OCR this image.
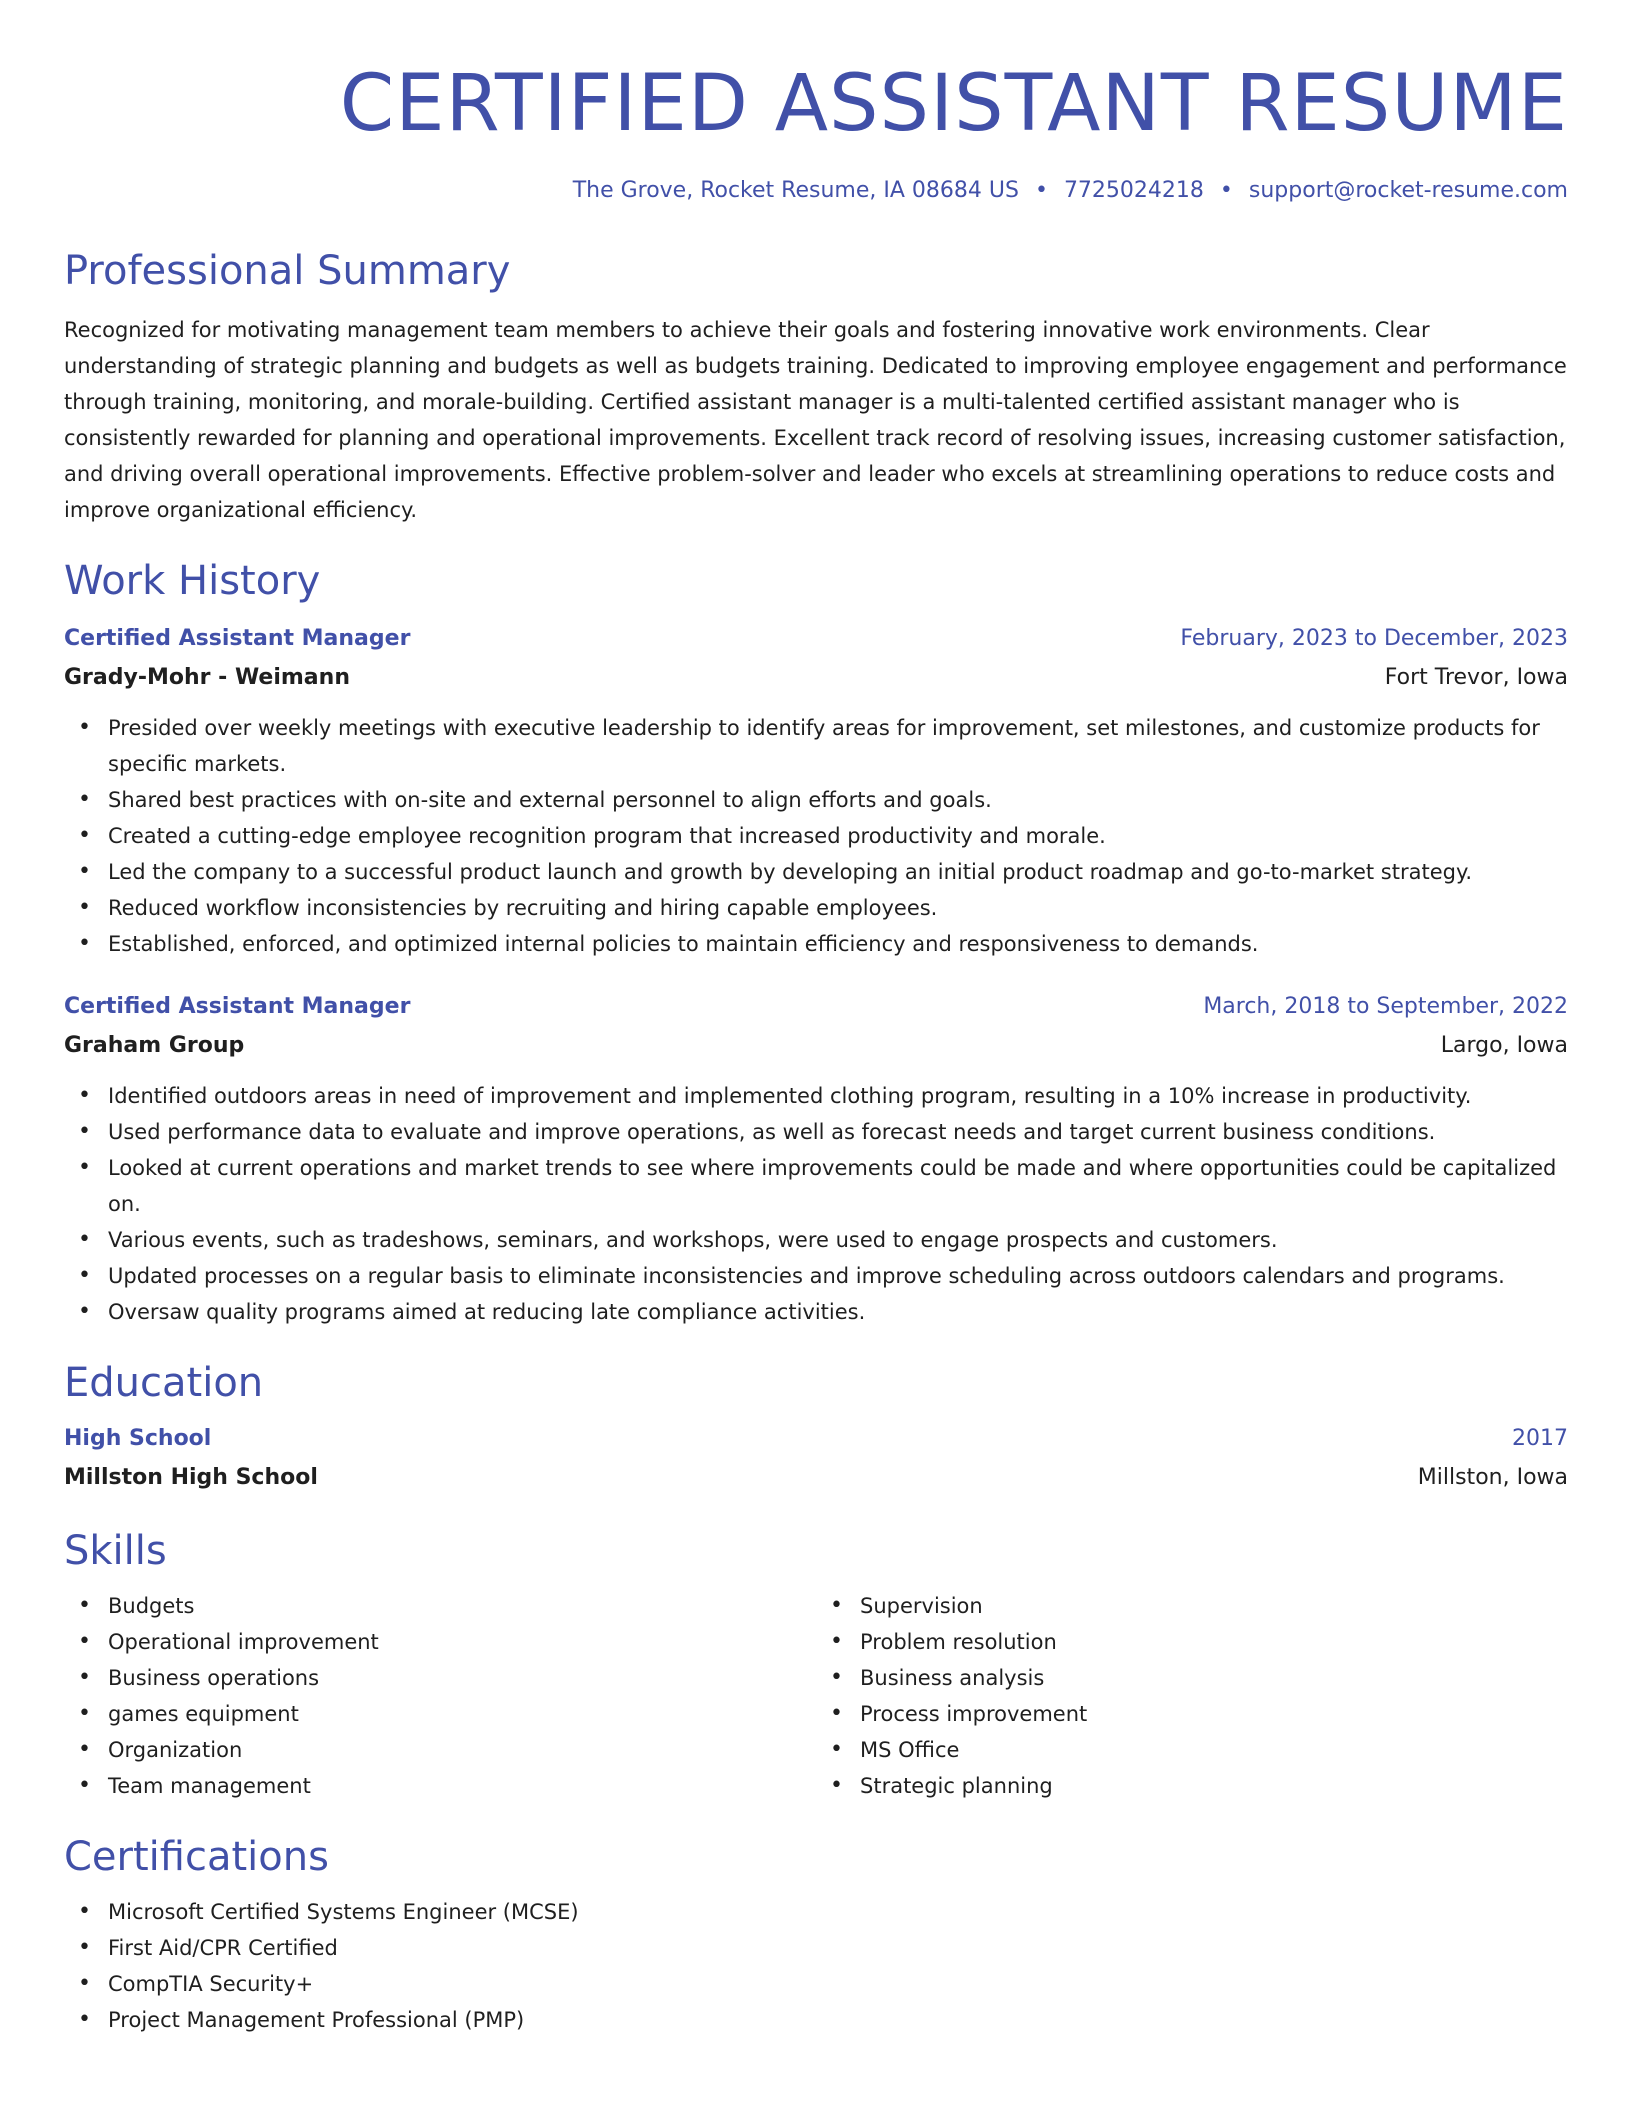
CERTIFIED ASSISTANT RESUME
The Grove, Rocket Resume, IA 08684 US • 7725024218 • support@rocket-resume.com
Professional Summary
Recognized for motivating management team members to achieve their goals and fostering innovative work environments. Clear understanding of strategic planning and budgets as well as budgets training. Dedicated to improving employee engagement and performance through training, monitoring, and morale-building. Certified assistant manager is a multi-talented certified assistant manager who is consistently rewarded for planning and operational improvements. Excellent track record of resolving issues, increasing customer satisfaction, and driving overall operational improvements. Effective problem-solver and leader who excels at streamlining operations to reduce costs and improve organizational efficiency.
Work History
Certified Assistant Manager	February, 2023 to December, 2023
Grady-Mohr - Weimann	Fort Trevor, Iowa
• Presided over weekly meetings with executive leadership to identify areas for improvement, set milestones, and customize products for specific markets.
• Shared best practices with on-site and external personnel to align efforts and goals.
• Created a cutting-edge employee recognition program that increased productivity and morale.
• Led the company to a successful product launch and growth by developing an initial product roadmap and go-to-market strategy.
• Reduced workflow inconsistencies by recruiting and hiring capable employees.
• Established, enforced, and optimized internal policies to maintain efficiency and responsiveness to demands.
Certified Assistant Manager	March, 2018 to September, 2022
Graham Group	Largo, Iowa
• Identified outdoors areas in need of improvement and implemented clothing program, resulting in a 10% increase in productivity.
• Used performance data to evaluate and improve operations, as well as forecast needs and target current business conditions.
• Looked at current operations and market trends to see where improvements could be made and where opportunities could be capitalized on.
• Various events, such as tradeshows, seminars, and workshops, were used to engage prospects and customers.
• Updated processes on a regular basis to eliminate inconsistencies and improve scheduling across outdoors calendars and programs.
• Oversaw quality programs aimed at reducing late compliance activities.
Education
High School	2017
Millston High School	Millston, Iowa
Skills
• Budgets
• Operational improvement
• Business operations
• games equipment
• Organization
• Team management
• Supervision
• Problem resolution
• Business analysis
• Process improvement
• MS Office
• Strategic planning
Certifications
• Microsoft Certified Systems Engineer (MCSE)
• First Aid/CPR Certified
• CompTIA Security+
• Project Management Professional (PMP)
